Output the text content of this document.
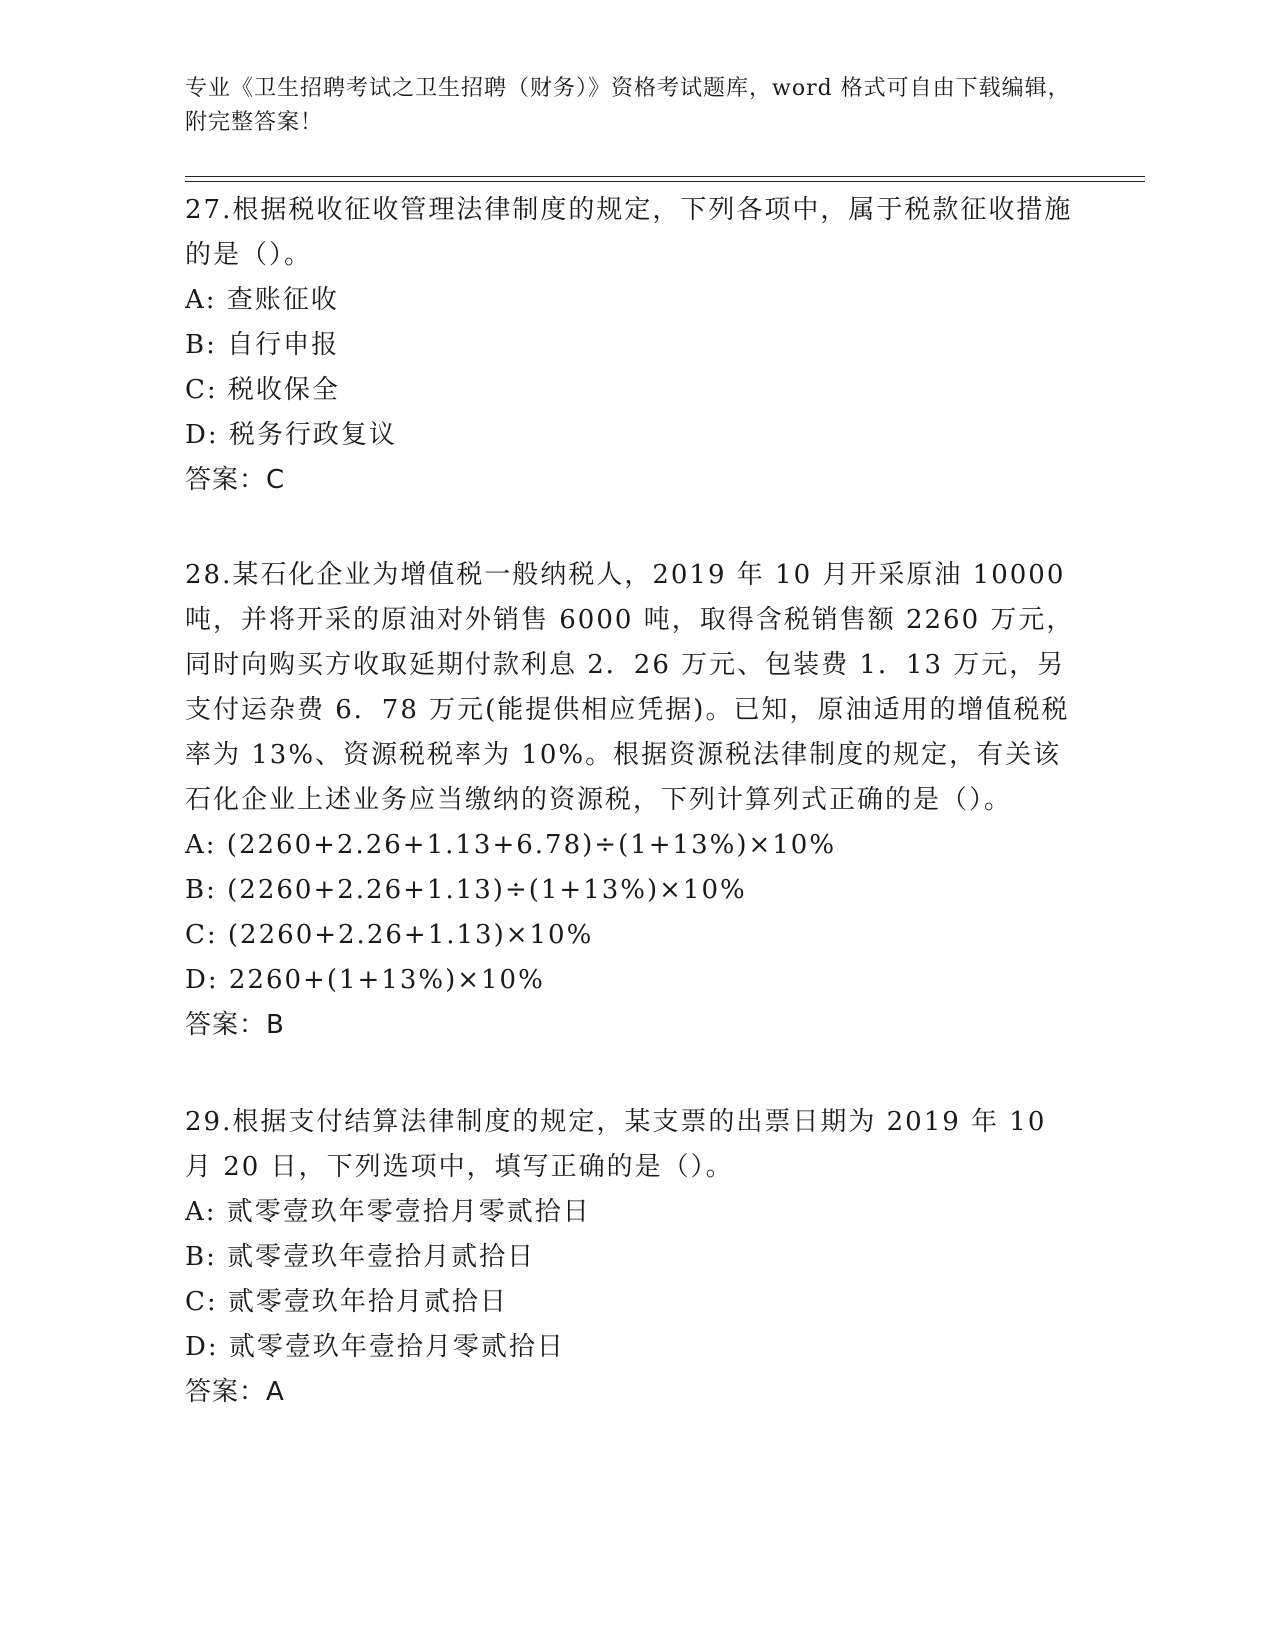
专业《卫生招聘考试之卫生招聘（财务）》资格考试题库，word 格式可自由下载编辑，附完整答案！
27.根据税收征收管理法律制度的规定，下列各项中，属于税款征收措施的是（）。
A: 查账征收
B: 自行申报
C: 税收保全
D: 税务行政复议
答案：C
28.某石化企业为增值税一般纳税人，2019 年 10 月开采原油 10000 吨，并将开采的原油对外销售 6000 吨，取得含税销售额 2260 万元，同时向购买方收取延期付款利息 2．26 万元、包装费 1．13 万元，另支付运杂费 6．78 万元(能提供相应凭据)。已知，原油适用的增值税税率为 13%、资源税税率为 10%。根据资源税法律制度的规定，有关该石化企业上述业务应当缴纳的资源税，下列计算列式正确的是（）。
A: (2260+2.26+1.13+6.78)÷(1+13%)×10%
B: (2260+2.26+1.13)÷(1+13%)×10%
C: (2260+2.26+1.13)×10%
D: 2260+(1+13%)×10%
答案：B
29.根据支付结算法律制度的规定，某支票的出票日期为 2019 年 10 月 20 日，下列选项中，填写正确的是（）。
A: 贰零壹玖年零壹拾月零贰拾日
B: 贰零壹玖年壹拾月贰拾日
C: 贰零壹玖年拾月贰拾日
D: 贰零壹玖年壹拾月零贰拾日
答案：A
